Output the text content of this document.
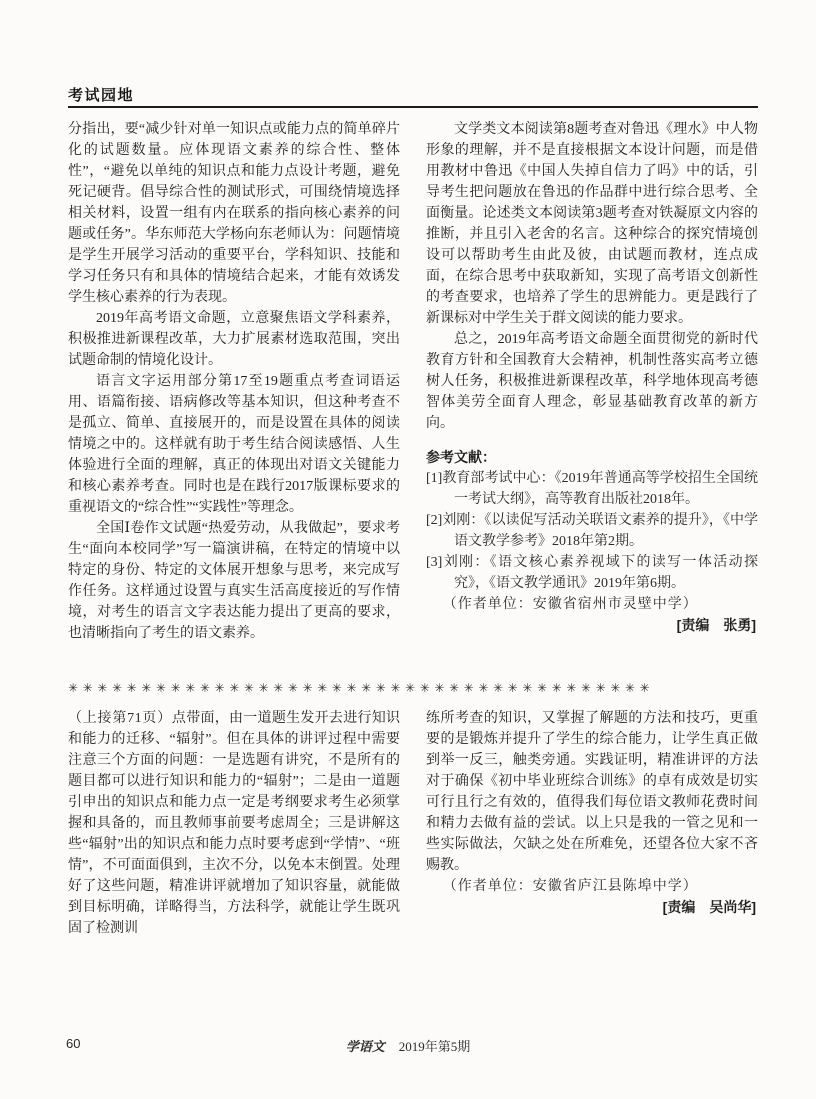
考试园地

分指出，要“减少针对单一知识点或能力点的简单碎片化的试题数量。应体现语文素养的综合性、整体性”，“避免以单纯的知识点和能力点设计考题，避免死记硬背。倡导综合性的测试形式，可围绕情境选择相关材料，设置一组有内在联系的指向核心素养的问题或任务”。华东师范大学杨向东老师认为：问题情境是学生开展学习活动的重要平台，学科知识、技能和学习任务只有和具体的情境结合起来，才能有效诱发学生核心素养的行为表现。

2019年高考语文命题，立意聚焦语文学科素养，积极推进新课程改革，大力扩展素材选取范围，突出试题命制的情境化设计。

语言文字运用部分第17至19题重点考查词语运用、语篇衔接、语病修改等基本知识，但这种考查不是孤立、简单、直接展开的，而是设置在具体的阅读情境之中的。这样就有助于考生结合阅读感悟、人生体验进行全面的理解，真正的体现出对语文关键能力和核心素养考查。同时也是在践行2017版课标要求的重视语文的“综合性”“实践性”等理念。

全国Ⅰ卷作文试题“热爱劳动，从我做起”，要求考生“面向本校同学”写一篇演讲稿，在特定的情境中以特定的身份、特定的文体展开想象与思考，来完成写作任务。这样通过设置与真实生活高度接近的写作情境，对考生的语言文字表达能力提出了更高的要求，也清晰指向了考生的语文素养。

文学类文本阅读第8题考查对鲁迅《理水》中人物形象的理解，并不是直接根据文本设计问题，而是借用教材中鲁迅《中国人失掉自信力了吗》中的话，引导考生把问题放在鲁迅的作品群中进行综合思考、全面衡量。论述类文本阅读第3题考查对铁凝原文内容的推断，并且引入老舍的名言。这种综合的探究情境创设可以帮助考生由此及彼，由试题而教材，连点成面，在综合思考中获取新知，实现了高考语文创新性的考查要求，也培养了学生的思辨能力。更是践行了新课标对中学生关于群文阅读的能力要求。

总之，2019年高考语文命题全面贯彻党的新时代教育方针和全国教育大会精神，机制性落实高考立德树人任务，积极推进新课程改革，科学地体现高考德智体美劳全面育人理念，彰显基础教育改革的新方向。

参考文献：

[1]教育部考试中心：《2019年普通高等学校招生全国统一考试大纲》，高等教育出版社2018年。

[2]刘刚：《以读促写活动关联语文素养的提升》，《中学语文教学参考》2018年第2期。

[3]刘刚：《语文核心素养视域下的读写一体活动探究》，《语文教学通讯》2019年第6期。

（作者单位：安徽省宿州市灵壁中学）

[责编　张勇]

✳✳✳✳✳✳✳✳✳✳✳✳✳✳✳✳✳✳✳✳✳✳✳✳✳✳✳✳✳✳✳✳✳✳✳✳✳✳✳✳

（上接第71页）点带面，由一道题生发开去进行知识和能力的迁移、“辐射”。但在具体的讲评过程中需要注意三个方面的问题：一是选题有讲究，不是所有的题目都可以进行知识和能力的“辐射”；二是由一道题引申出的知识点和能力点一定是考纲要求考生必须掌握和具备的，而且教师事前要考虑周全；三是讲解这些“辐射”出的知识点和能力点时要考虑到“学情”、“班情”，不可面面俱到，主次不分，以免本末倒置。处理好了这些问题，精准讲评就增加了知识容量，就能做到目标明确，详略得当，方法科学，就能让学生既巩固了检测训

练所考查的知识，又掌握了解题的方法和技巧，更重要的是锻炼并提升了学生的综合能力，让学生真正做到举一反三，触类旁通。实践证明，精准讲评的方法对于确保《初中毕业班综合训练》的卓有成效是切实可行且行之有效的，值得我们每位语文教师花费时间和精力去做有益的尝试。以上只是我的一管之见和一些实际做法，欠缺之处在所难免，还望各位大家不吝赐教。

（作者单位：安徽省庐江县陈埠中学）

[责编　吴尚华]

60	学语文 2019年第5期
